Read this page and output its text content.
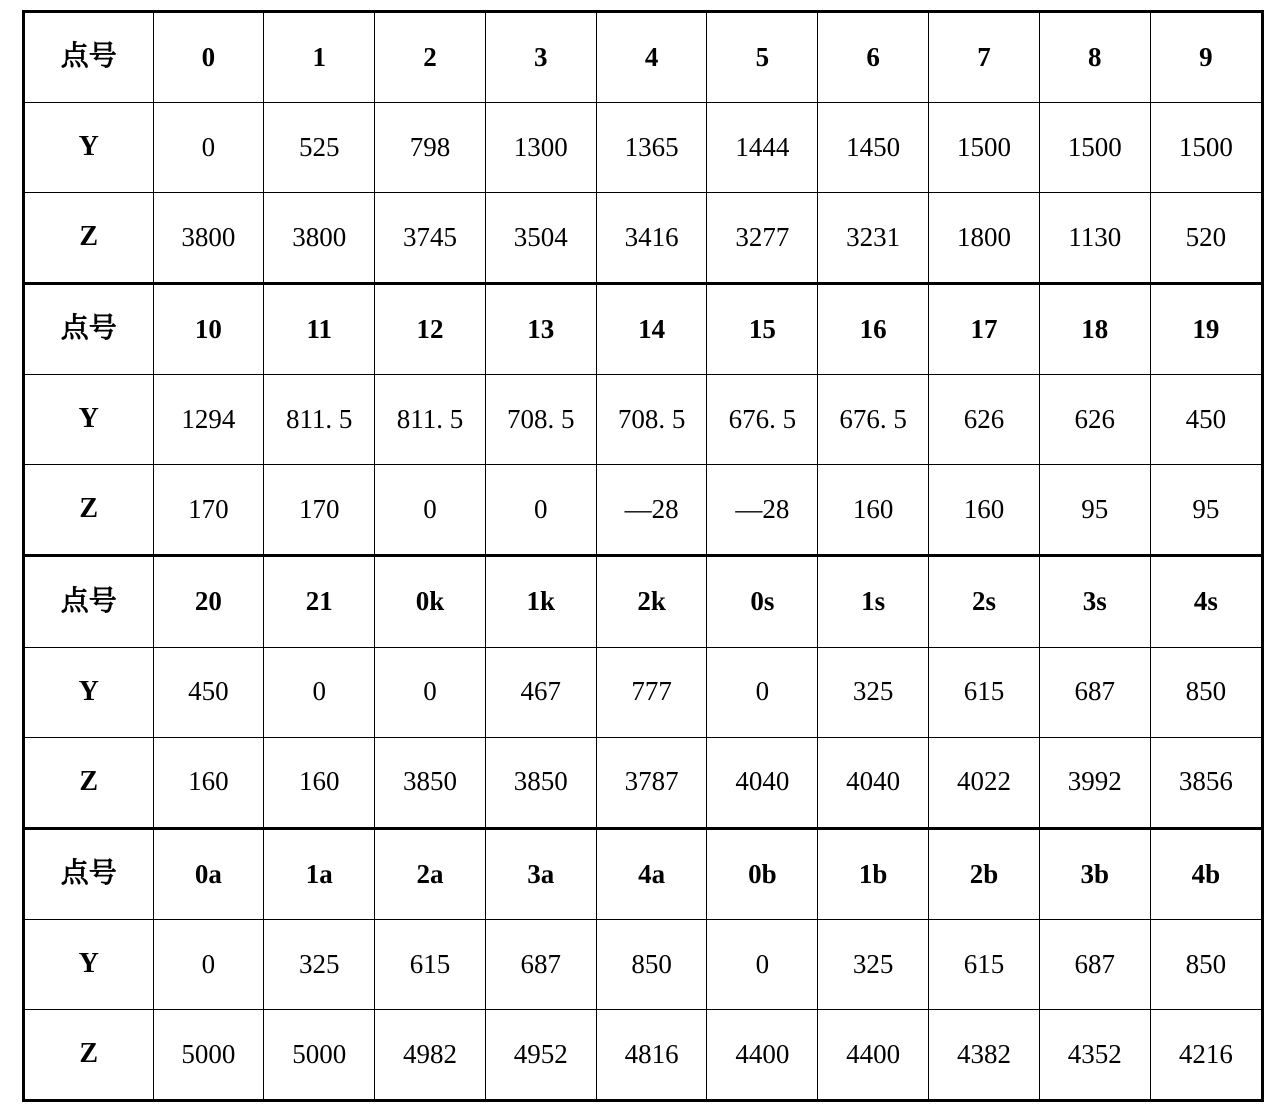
点号	0	1	2	3	4	5	6	7	8	9
Y	0	525	798	1300	1365	1444	1450	1500	1500	1500
Z	3800	3800	3745	3504	3416	3277	3231	1800	1130	520
点号	10	11	12	13	14	15	16	17	18	19
Y	1294	811. 5	811. 5	708. 5	708. 5	676. 5	676. 5	626	626	450
Z	170	170	0	0	—28	—28	160	160	95	95
点号	20	21	0k	1k	2k	0s	1s	2s	3s	4s
Y	450	0	0	467	777	0	325	615	687	850
Z	160	160	3850	3850	3787	4040	4040	4022	3992	3856
点号	0a	1a	2a	3a	4a	0b	1b	2b	3b	4b
Y	0	325	615	687	850	0	325	615	687	850
Z	5000	5000	4982	4952	4816	4400	4400	4382	4352	4216
